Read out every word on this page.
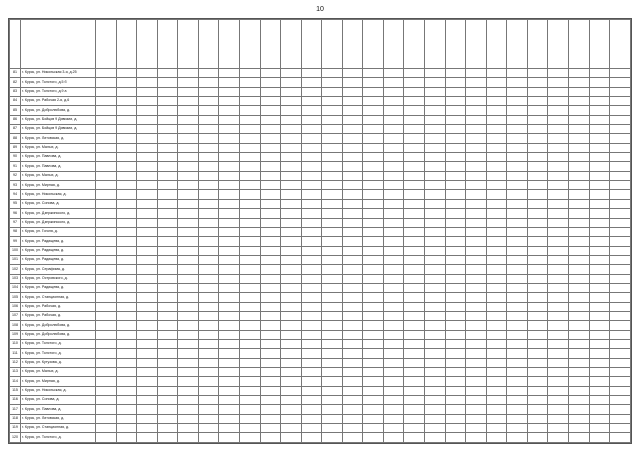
10

81	г. Курск, ул. Никольская 3-я, д.25																										
82	г. Курск, ул. Толстого, д.5 б																										
83	г. Курск, ул. Толстого, д.9 а																										
84	г. Курск, ул. Рабочая 2-я, д.6																										
85	г. Курск, ул. Добролюбова, д.																										
86	г. Курск, ул. Бойцов 9 Дивизии, д.																										
87	г. Курск, ул. Бойцов 9 Дивизии, д.																										
88	г. Курск, ул. Литовская, д.																										
89	г. Курск, ул. Малых, д.																										
90	г. Курск, ул. Павлова, д.																										
91	г. Курск, ул. Павлова, д.																										
92	г. Курск, ул. Малых, д.																										
93	г. Курск, ул. Мирная, д.																										
94	г. Курск, ул. Никольская, д.																										
95	г. Курск, ул. Сонова, д.																										
96	г. Курск, ул. Дзержинского, д.																										
97	г. Курск, ул. Дзержинского, д.																										
98	г. Курск, ул. Гоголя, д.																										
99	г. Курск, ул. Радищева, д.																										
100	г. Курск, ул. Радищева, д.																										
101	г. Курск, ул. Радищева, д.																										
102	г. Курск, ул. Серафима, д.																										
103	г. Курск, ул. Островского, д.																										
104	г. Курск, ул. Радищева, д.																										
105	г. Курск, ул. Станционная, д.																										
106	г. Курск, ул. Рабочая, д.																										
107	г. Курск, ул. Рабочая, д.																										
108	г. Курск, ул. Добролюбова, д.																										
109	г. Курск, ул. Добролюбова, д.																										
110	г. Курск, ул. Толстого, д.																										
111	г. Курск, ул. Толстого, д.																										
112	г. Курск, ул. Кутузова, д.																										
113	г. Курск, ул. Малых, д.																										
114	г. Курск, ул. Мирная, д.																										
115	г. Курск, ул. Никольская, д.																										
116	г. Курск, ул. Сонова, д.																										
117	г. Курск, ул. Павлова, д.																										
118	г. Курск, ул. Литовская, д.																										
119	г. Курск, ул. Станционная, д.																										
120	г. Курск, ул. Толстого, д.																										
